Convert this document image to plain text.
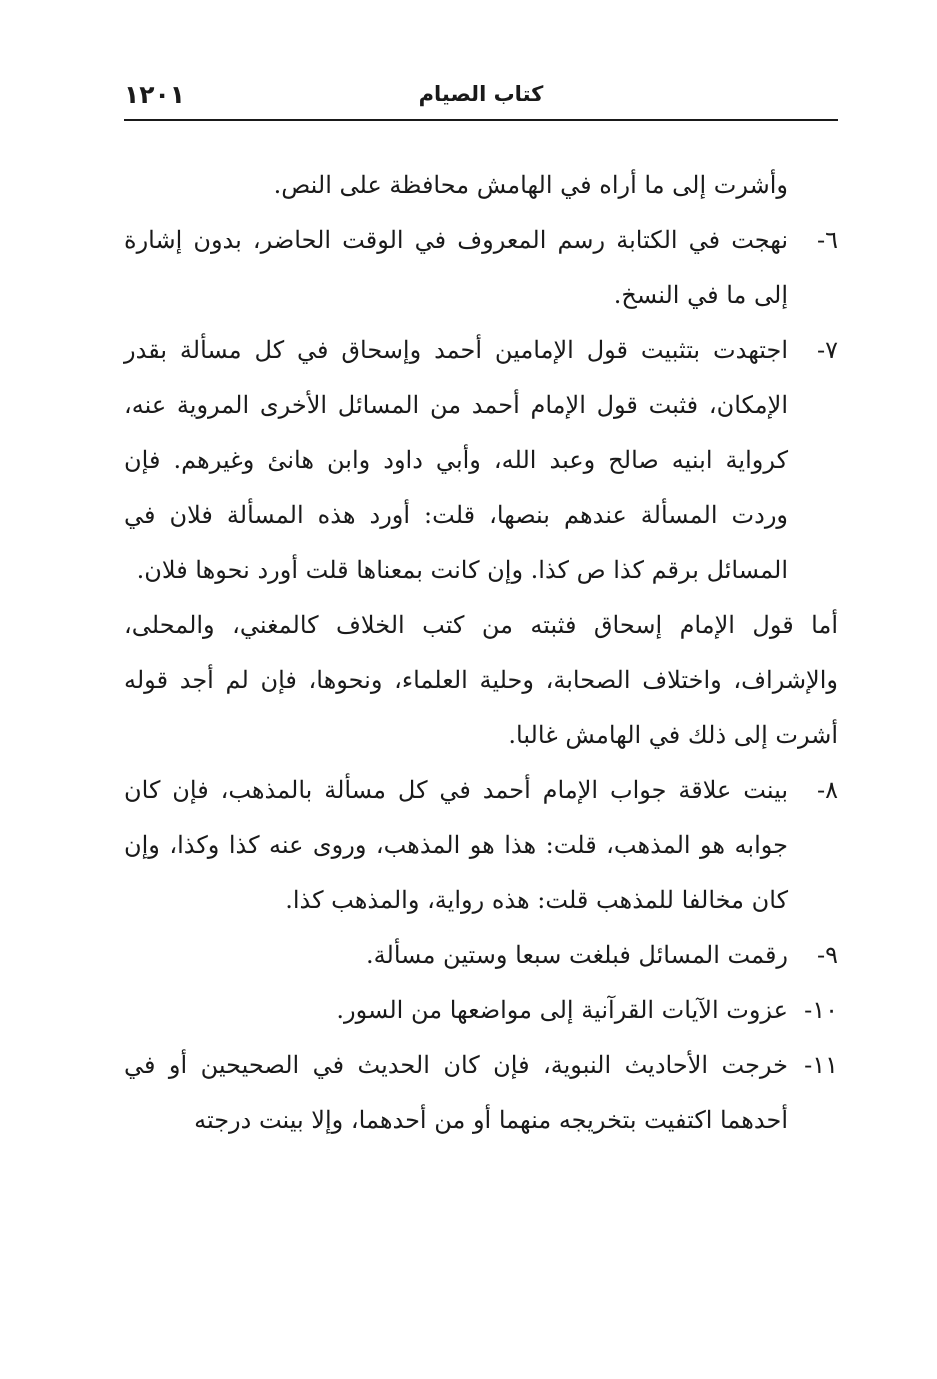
١٢٠١	كتاب الصيام
وأشرت إلى ما أراه في الهامش محافظة على النص.
٦-
نهجت في الكتابة رسم المعروف في الوقت الحاضر، بدون إشارة إلى ما في النسخ.
٧-
اجتهدت بتثبيت قول الإمامين أحمد وإسحاق في كل مسألة بقدر الإمكان، فثبت قول الإمام أحمد من المسائل الأخرى المروية عنه، كرواية ابنيه صالح وعبد الله، وأبي داود وابن هانئ وغيرهم. فإن وردت المسألة عندهم بنصها، قلت: أورد هذه المسألة فلان في المسائل برقم كذا ص كذا. وإن كانت بمعناها قلت أورد نحوها فلان.
أما قول الإمام إسحاق فثبته من كتب الخلاف كالمغني، والمحلى، والإشراف، واختلاف الصحابة، وحلية العلماء، ونحوها، فإن لم أجد قوله أشرت إلى ذلك في الهامش غالبا.
٨-
بينت علاقة جواب الإمام أحمد في كل مسألة بالمذهب، فإن كان جوابه هو المذهب، قلت: هذا هو المذهب، وروى عنه كذا وكذا، وإن كان مخالفا للمذهب قلت: هذه رواية، والمذهب كذا.
٩-
رقمت المسائل فبلغت سبعا وستين مسألة.
١٠-
عزوت الآيات القرآنية إلى مواضعها من السور.
١١-
خرجت الأحاديث النبوية، فإن كان الحديث في الصحيحين أو في أحدهما اكتفيت بتخريجه منهما أو من أحدهما، وإلا بينت درجته
